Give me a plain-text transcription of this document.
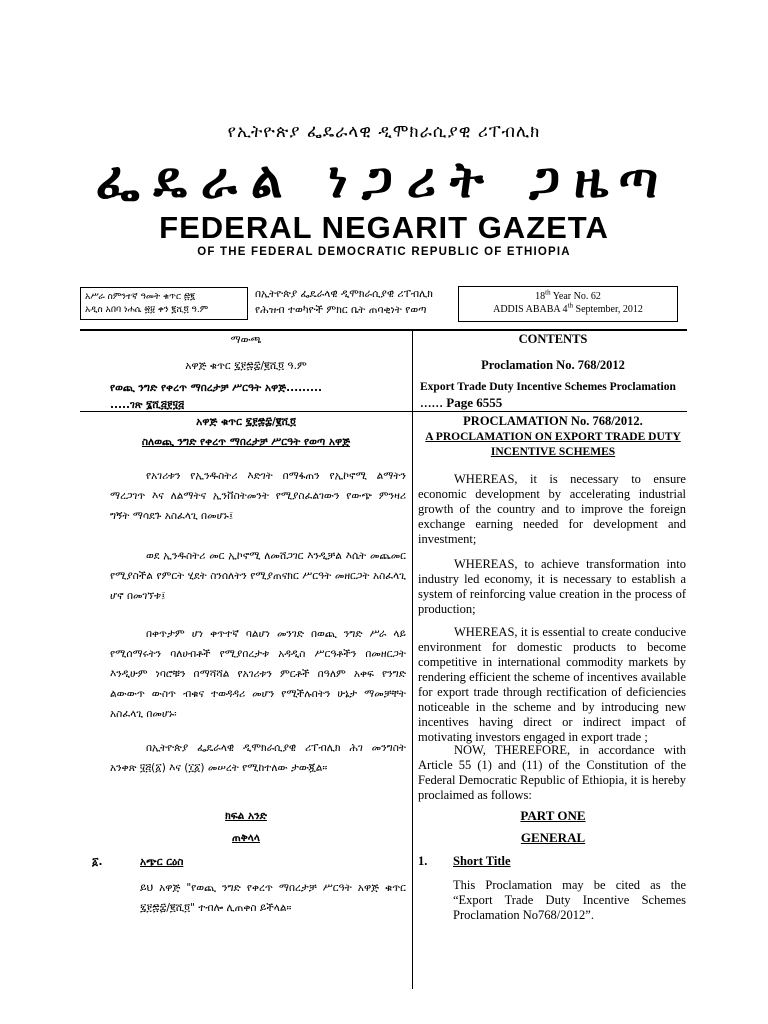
የኢትዮጵያ ፌዴራላዊ ዲሞክራሲያዊ ሪፐብሊክ
ፌዴራል ነጋሪት ጋዜጣ
FEDERAL NEGARIT GAZETA
OF THE FEDERAL DEMOCRATIC REPUBLIC OF ETHIOPIA
አሥራ ስምንተኛ ዓመት ቁጥር ፷፪
አዲስ አበባ ነሐሴ ፳፱ ቀን ፪ሺ፬ ዓ.ም
በኢትዮጵያ ፌዴራላዊ ዲሞክራሲያዊ ሪፐብሊክ
የሕዝብ ተወካዮች ምክር ቤት ጠባቂነት የወጣ
18th Year No. 62
ADDIS ABABA 4th September, 2012
ማውጫ
አዋጅ ቁጥር ፯፻፷፰/፪ሺ፬ ዓ.ም
የወጪ ንግድ የቀረጥ ማበረታቻ ሥርዓት አዋጅ.........
.....ገጽ ፮ሺ፭፻፶፭
CONTENTS
Proclamation No. 768/2012
Export Trade Duty Incentive Schemes Proclamation
…… Page 6555
አዋጅ ቁጥር ፯፻፷፰/፪ሺ፬
ስለወጪ ንግድ የቀረጥ ማበረታቻ ሥርዓት የወጣ አዋጅ
የአገሪቱን የኢንዱስትሪ እድገት በማፋጠን የኢኮኖሚ ልማትን ማረጋገጥ እና ለልማትና ኢንቨስትመንት የሚያስፈልገውን የውጭ ምንዛሪ ግኝት ማሳደጉ አስፈላጊ በመሆኑ፤
ወደ ኢንዱስትሪ መር ኢኮኖሚ ለመሸጋገር እንዲቻል እሴት መጨመር የሚያስችል የምርት ሂደት ስንሰለትን የሚያጠናክር ሥርዓት መዘርጋት አስፈላጊ ሆኖ በመገኘቱ፤
በቀጥታም ሆነ ቀጥተኛ ባልሆነ መንገድ በወጪ ንግድ ሥራ ላይ የሚሰማሩትን ባለሀብቶች የሚያበረታቱ አዳዲስ ሥርዓቶችን በመዘርጋት እንዲሁም ነባሮቹን በማሻሻል የአገሪቱን ምርቶች በዓለም አቀፍ የንግድ ልውውጥ ውስጥ ብቁና ተወዳዳሪ መሆን የሚችሉበትን ሁኔታ ማመቻቸት አስፈላጊ በመሆኑ፡
በኢትዮጵያ ፌዴራላዊ ዲሞክራሲያዊ ሪፐብሊክ ሕገ መንግስት አንቀጽ ፶፭(፩) እና (፲፩) መሠረት የሚከተለው ታውጇል።
ክፍል አንድ
ጠቅላላ
፩.	አጭር ርዕስ
ይህ አዋጅ "የወጪ ንግድ የቀረጥ ማበረታቻ ሥርዓት አዋጅ ቁጥር ፯፻፷፰/፪ሺ፬" ተብሎ ሊጠቀስ ይችላል።
PROCLAMATION No. 768/2012.
A PROCLAMATION ON EXPORT TRADE DUTY
INCENTIVE SCHEMES
WHEREAS, it is necessary to ensure economic development by accelerating industrial growth of the country and to improve the foreign exchange earning needed for development and investment;
WHEREAS, to achieve transformation into industry led economy, it is necessary to establish a system of reinforcing value creation in the process of production;
WHEREAS, it is essential to create conducive environment for domestic products to become competitive in international commodity markets by rendering efficient the scheme of incentives available for export trade through rectification of deficiencies noticeable in the scheme and by introducing new incentives having direct or indirect impact of motivating investors engaged in export trade ;
NOW, THEREFORE, in accordance with Article 55 (1) and (11) of the Constitution of the Federal Democratic Republic of Ethiopia, it is hereby proclaimed as follows:
PART ONE
GENERAL
1. Short Title
This Proclamation may be cited as the “Export Trade Duty Incentive Schemes Proclamation No768/2012”.
